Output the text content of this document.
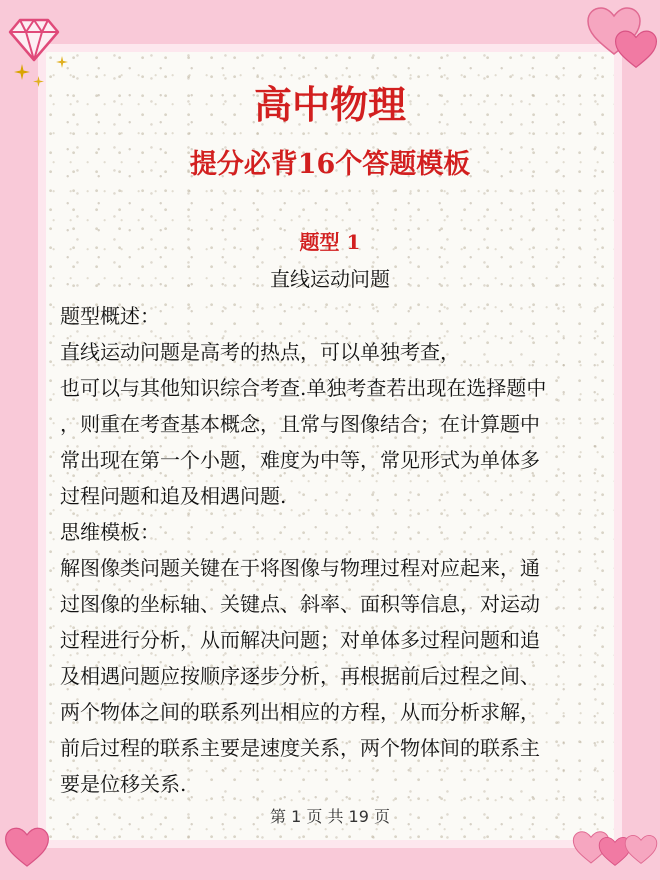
高中物理
提分必背16个答题模板
题型 1
直线运动问题

题型概述：

直线运动问题是高考的热点，可以单独考查，

也可以与其他知识综合考查.单独考查若出现在选择题中

，则重在考查基本概念，且常与图像结合；在计算题中

常出现在第一个小题，难度为中等，常见形式为单体多

过程问题和追及相遇问题.

思维模板：

解图像类问题关键在于将图像与物理过程对应起来，通

过图像的坐标轴、关键点、斜率、面积等信息，对运动

过程进行分析，从而解决问题；对单体多过程问题和追

及相遇问题应按顺序逐步分析，再根据前后过程之间、

两个物体之间的联系列出相应的方程，从而分析求解，

前后过程的联系主要是速度关系，两个物体间的联系主

要是位移关系.

第 1 页 共 19 页
